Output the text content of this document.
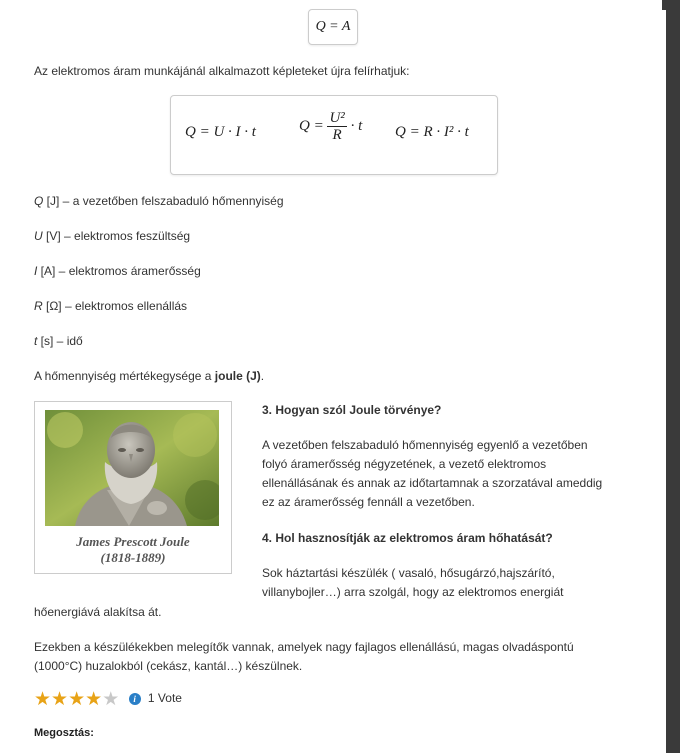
Q = A
Az elektromos áram munkájánál alkalmazott képleteket újra felírhatjuk:
Q = U · I · t	$Q = \frac{\text{U²}}{R} \cdot t$ Q = R · I² · t
Q [J] – a vezetőben felszabaduló hőmennyiség
U [V] – elektromos feszültség
I [A] – elektromos áramerősség
R [Ω] – elektromos ellenállás
t [s] – idő
A hőmennyiség mértékegysége a joule (J).
James Prescott Joule
(1818-1889)
3. Hogyan szól Joule törvénye?
A vezetőben felszabaduló hőmennyiség egyenlő a vezetőben
folyó áramerősség négyzetének, a vezető elektromos
ellenállásának és annak az időtartamnak a szorzatával ameddig
ez az áramerősség fennáll a vezetőben.
4. Hol hasznosítják az elektromos áram hőhatását?
Sok háztartási készülék ( vasaló, hősugárzó,hajszárító,
villanybojler…) arra szolgál, hogy az elektromos energiát
hőenergiává alakítsa át.
Ezekben a készülékekben melegítők vannak, amelyek nagy fajlagos ellenállású, magas olvadáspontú
(1000°C) huzalokból (cekász, kantál…) készülnek.
★★★★★ i 1 Vote
Megosztás:
